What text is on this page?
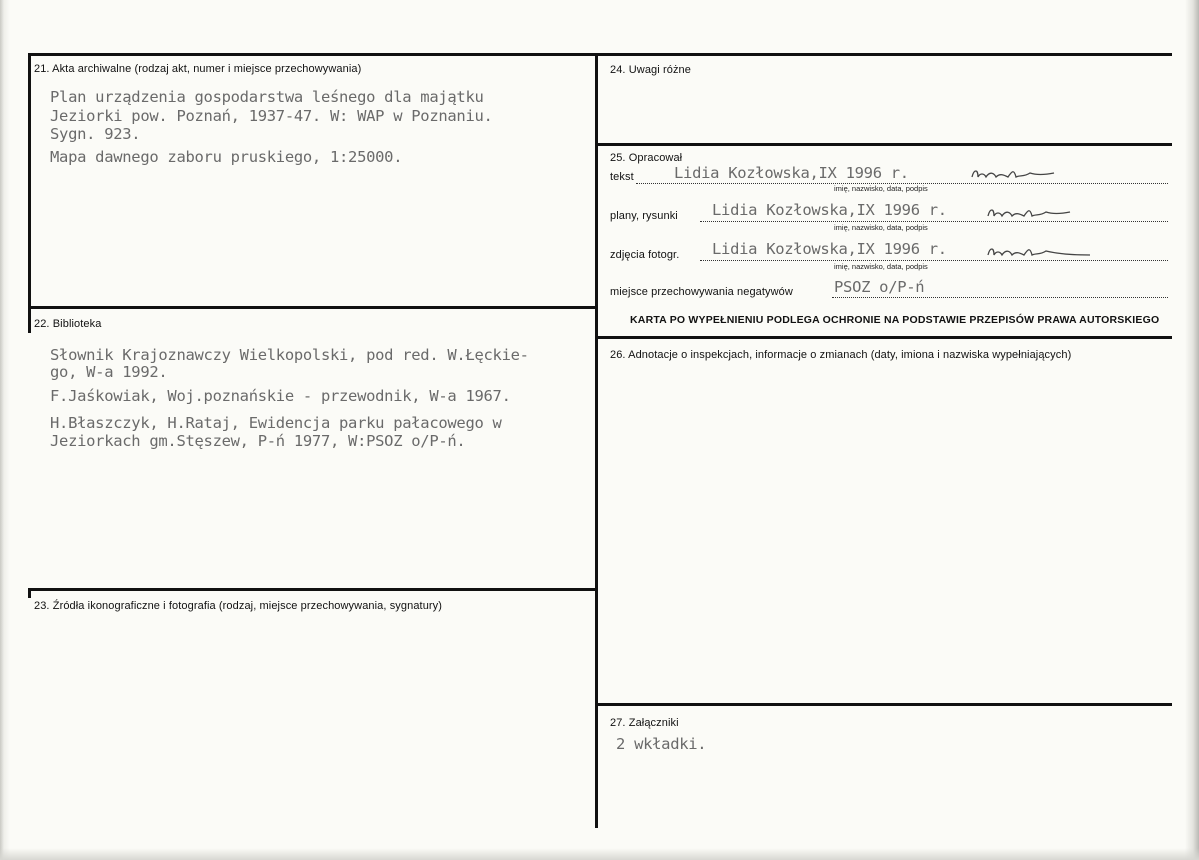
21. Akta archiwalne (rodzaj akt, numer i miejsce przechowywania)
Plan urządzenia gospodarstwa leśnego dla majątku
Jeziorki pow. Poznań, 1937-47. W: WAP w Poznaniu.
Sygn. 923.
Mapa dawnego zaboru pruskiego, 1:25000.
22. Biblioteka
Słownik Krajoznawczy Wielkopolski, pod red. W.Łęckie-
go, W-a 1992.
F.Jaśkowiak, Woj.poznańskie - przewodnik, W-a 1967.
H.Błaszczyk, H.Rataj, Ewidencja parku pałacowego w
Jeziorkach gm.Stęszew, P-ń 1977, W:PSOZ o/P-ń.
23. Źródła ikonograficzne i fotografia (rodzaj, miejsce przechowywania, sygnatury)
24. Uwagi różne
25. Opracował
tekst	Lidia Kozłowska,IX 1996 r.
imię, nazwisko, data, podpis
plany, rysunki Lidia Kozłowska,IX 1996 r.
imię, nazwisko, data, podpis
zdjęcia fotogr. Lidia Kozłowska,IX 1996 r.
imię, nazwisko, data, podpis
miejsce przechowywania negatywów	PSOZ o/P-ń
KARTA PO WYPEŁNIENIU PODLEGA OCHRONIE NA PODSTAWIE PRZEPISÓW PRAWA AUTORSKIEGO
26. Adnotacje o inspekcjach, informacje o zmianach (daty, imiona i nazwiska wypełniających)
27. Załączniki
2 wkładki.
